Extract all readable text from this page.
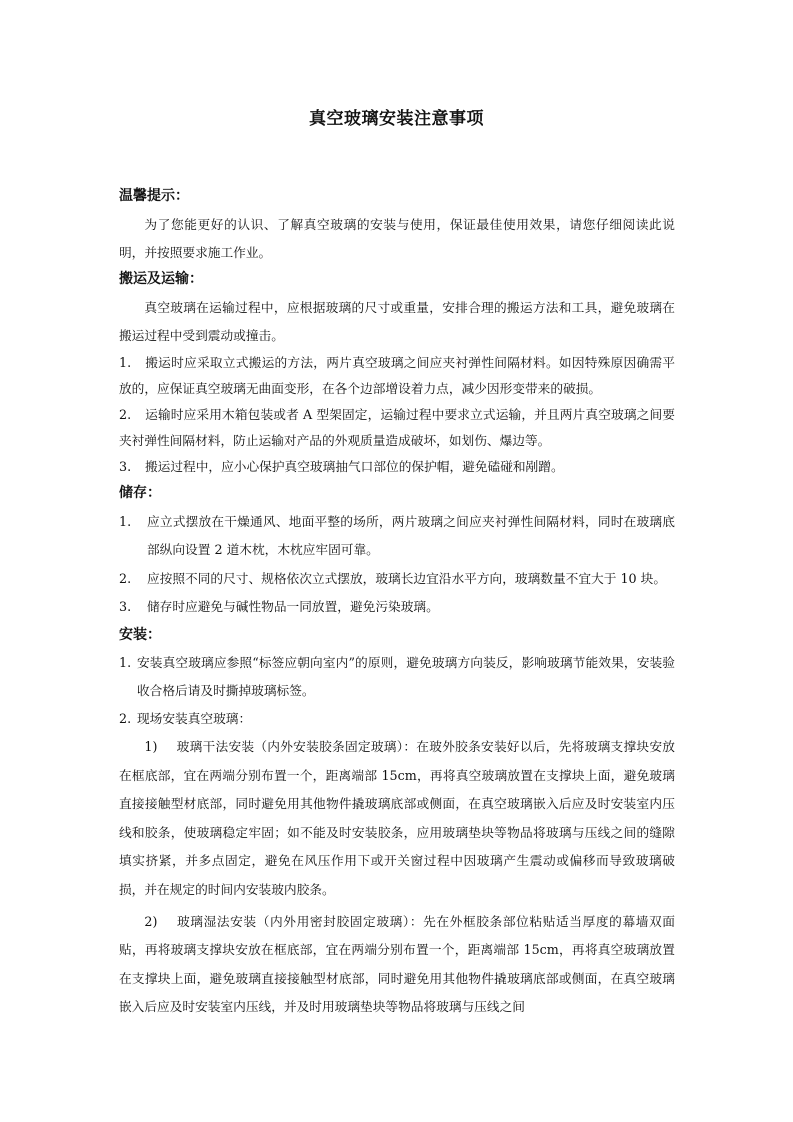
真空玻璃安装注意事项
温馨提示：
为了您能更好的认识、了解真空玻璃的安装与使用，保证最佳使用效果，请您仔细阅读此说明，并按照要求施工作业。
搬运及运输：
真空玻璃在运输过程中，应根据玻璃的尺寸或重量，安排合理的搬运方法和工具，避免玻璃在搬运过程中受到震动或撞击。
1. 搬运时应采取立式搬运的方法，两片真空玻璃之间应夹衬弹性间隔材料。如因特殊原因确需平放的，应保证真空玻璃无曲面变形，在各个边部增设着力点，减少因形变带来的破损。
2. 运输时应采用木箱包装或者 A 型架固定，运输过程中要求立式运输，并且两片真空玻璃之间要夹衬弹性间隔材料，防止运输对产品的外观质量造成破坏，如划伤、爆边等。
3. 搬运过程中，应小心保护真空玻璃抽气口部位的保护帽，避免磕碰和剐蹭。
储存：
1. 应立式摆放在干燥通风、地面平整的场所，两片玻璃之间应夹衬弹性间隔材料，同时在玻璃底部纵向设置 2 道木枕，木枕应牢固可靠。
2. 应按照不同的尺寸、规格依次立式摆放，玻璃长边宜沿水平方向，玻璃数量不宜大于 10 块。
3. 储存时应避免与碱性物品一同放置，避免污染玻璃。
安装：
1. 安装真空玻璃应参照“标签应朝向室内”的原则，避免玻璃方向装反，影响玻璃节能效果，安装验收合格后请及时撕掉玻璃标签。
2. 现场安装真空玻璃：
1) 玻璃干法安装（内外安装胶条固定玻璃）：在玻外胶条安装好以后，先将玻璃支撑块安放在框底部，宜在两端分别布置一个，距离端部 15cm，再将真空玻璃放置在支撑块上面，避免玻璃直接接触型材底部，同时避免用其他物件撬玻璃底部或侧面，在真空玻璃嵌入后应及时安装室内压线和胶条，使玻璃稳定牢固；如不能及时安装胶条，应用玻璃垫块等物品将玻璃与压线之间的缝隙填实挤紧，并多点固定，避免在风压作用下或开关窗过程中因玻璃产生震动或偏移而导致玻璃破损，并在规定的时间内安装玻内胶条。
2) 玻璃湿法安装（内外用密封胶固定玻璃）：先在外框胶条部位粘贴适当厚度的幕墙双面贴，再将玻璃支撑块安放在框底部，宜在两端分别布置一个，距离端部 15cm，再将真空玻璃放置在支撑块上面，避免玻璃直接接触型材底部，同时避免用其他物件撬玻璃底部或侧面，在真空玻璃嵌入后应及时安装室内压线，并及时用玻璃垫块等物品将玻璃与压线之间
